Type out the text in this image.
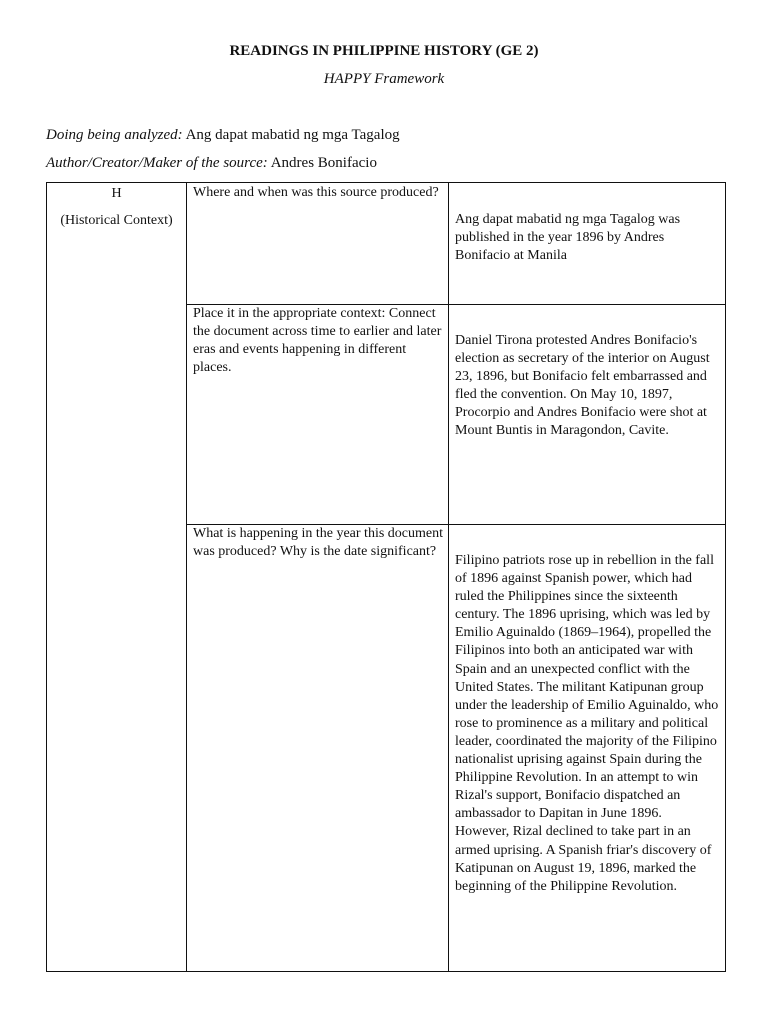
READINGS IN PHILIPPINE HISTORY (GE 2)
HAPPY Framework
Doing being analyzed: Ang dapat mabatid ng mga Tagalog
Author/Creator/Maker of the source: Andres Bonifacio
H
(Historical Context)
Where and when was this source produced?
Ang dapat mabatid ng mga Tagalog was published in the year 1896 by Andres Bonifacio at Manila
Place it in the appropriate context: Connect the document across time to earlier and later eras and events happening in different places.
Daniel Tirona protested Andres Bonifacio's election as secretary of the interior on August 23, 1896, but Bonifacio felt embarrassed and fled the convention. On May 10, 1897, Procorpio and Andres Bonifacio were shot at Mount Buntis in Maragondon, Cavite.
What is happening in the year this document was produced? Why is the date significant?
Filipino patriots rose up in rebellion in the fall of 1896 against Spanish power, which had ruled the Philippines since the sixteenth century. The 1896 uprising, which was led by Emilio Aguinaldo (1869–1964), propelled the Filipinos into both an anticipated war with Spain and an unexpected conflict with the United States. The militant Katipunan group under the leadership of Emilio Aguinaldo, who rose to prominence as a military and political leader, coordinated the majority of the Filipino nationalist uprising against Spain during the Philippine Revolution. In an attempt to win Rizal's support, Bonifacio dispatched an ambassador to Dapitan in June 1896. However, Rizal declined to take part in an armed uprising. A Spanish friar's discovery of Katipunan on August 19, 1896, marked the beginning of the Philippine Revolution.
